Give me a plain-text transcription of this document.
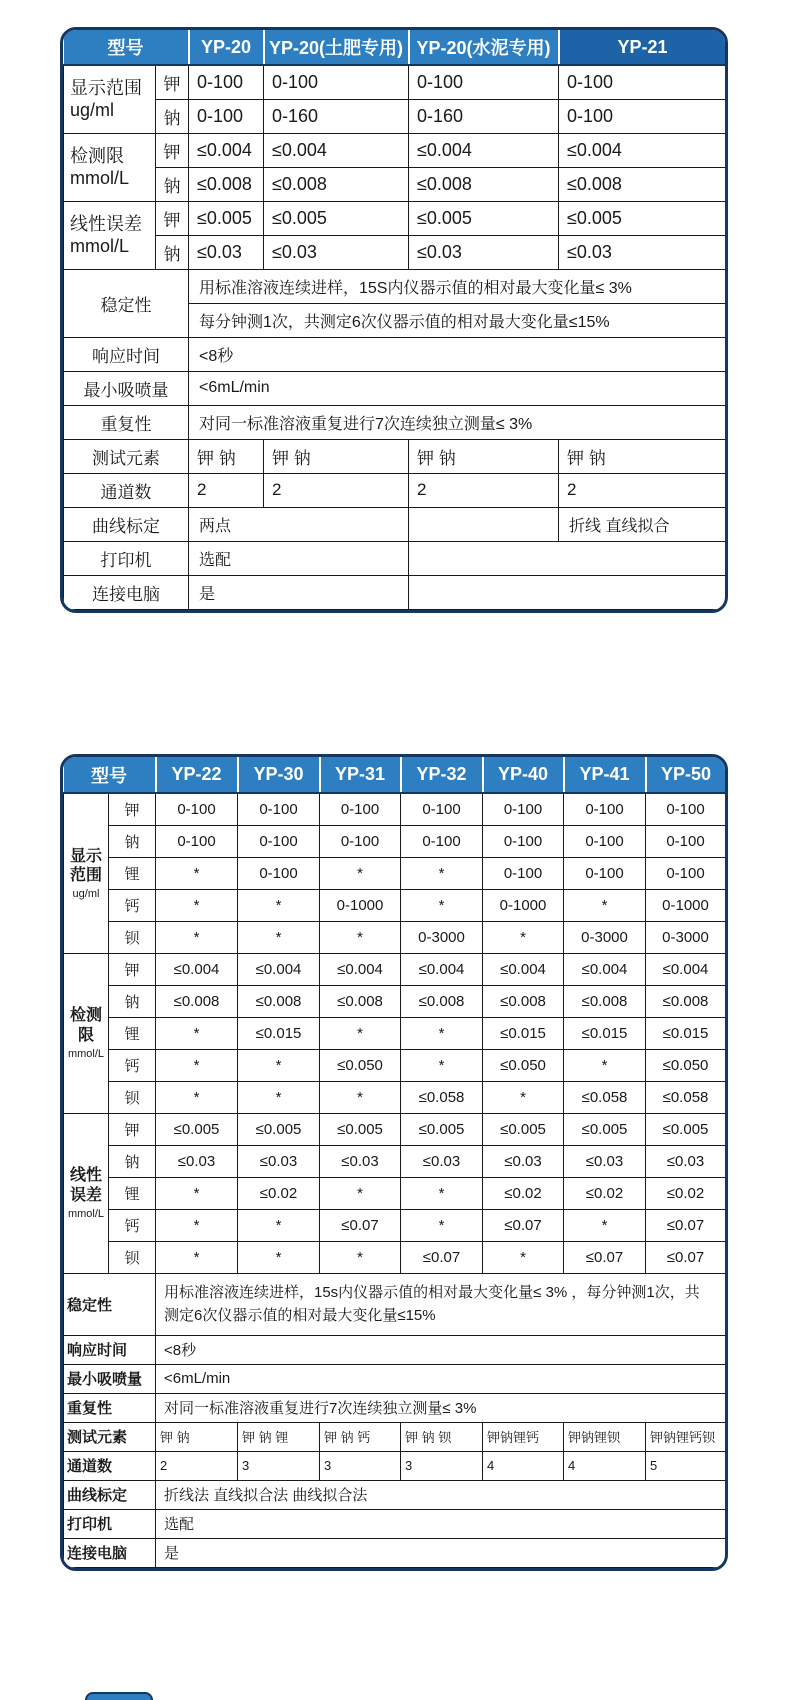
型号		YP-20	YP-20(土肥专用)	YP-20(水泥专用)	YP-21

显示范围
ug/ml	钾	0-100	0-100	0-100	0-100
	钠	0-100	0-160	0-160	0-100

检测限
mmol/L	钾	≤0.004	≤0.004	≤0.004	≤0.004
	钠	≤0.008	≤0.008	≤0.008	≤0.008

线性误差
mmol/L	钾	≤0.005	≤0.005	≤0.005	≤0.005
	钠	≤0.03	≤0.03	≤0.03	≤0.03
稳定性		用标准溶液连续进样，15S内仪器示值的相对最大变化量≤ 3%			
		每分钟测1次，共测定6次仪器示值的相对最大变化量≤15%			
响应时间		<8秒			
最小吸喷量		<6mL/min			
重复性		对同一标准溶液重复进行7次连续独立测量≤ 3%			
测试元素		钾 钠	钾 钠	钾 钠	钾 钠
通道数		2	2	2	2
曲线标定		两点			折线 直线拟合
打印机		选配			
连接电脑		是			
型号		YP-22	YP-30	YP-31	YP-32	YP-40	YP-41	YP-50

显示
范围
ug/ml	钾	0-100	0-100	0-100	0-100	0-100	0-100	0-100
	钠	0-100	0-100	0-100	0-100	0-100	0-100	0-100
	锂	*	0-100	*	*	0-100	0-100	0-100
	钙	*	*	0-1000	*	0-1000	*	0-1000
	钡	*	*	*	0-3000	*	0-3000	0-3000

检测
限
mmol/L	钾	≤0.004	≤0.004	≤0.004	≤0.004	≤0.004	≤0.004	≤0.004
	钠	≤0.008	≤0.008	≤0.008	≤0.008	≤0.008	≤0.008	≤0.008
	锂	*	≤0.015	*	*	≤0.015	≤0.015	≤0.015
	钙	*	*	≤0.050	*	≤0.050	*	≤0.050
	钡	*	*	*	≤0.058	*	≤0.058	≤0.058

线性
误差
mmol/L	钾	≤0.005	≤0.005	≤0.005	≤0.005	≤0.005	≤0.005	≤0.005
	钠	≤0.03	≤0.03	≤0.03	≤0.03	≤0.03	≤0.03	≤0.03
	锂	*	≤0.02	*	*	≤0.02	≤0.02	≤0.02
	钙	*	*	≤0.07	*	≤0.07	*	≤0.07
	钡	*	*	*	≤0.07	*	≤0.07	≤0.07
稳定性		用标准溶液连续进样，15s内仪器示值的相对最大变化量≤ 3% ，每分钟测1次，共测定6次仪器示值的相对最大变化量≤15%						
响应时间		<8秒						
最小吸喷量		<6mL/min						
重复性		对同一标准溶液重复进行7次连续独立测量≤ 3%						
测试元素		钾 钠	钾 钠 锂	钾 钠 钙	钾 钠 钡	钾钠锂钙	钾钠锂钡	钾钠锂钙钡
通道数		2	3	3	3	4	4	5
曲线标定		折线法 直线拟合法 曲线拟合法						
打印机		选配						
连接电脑		是						
